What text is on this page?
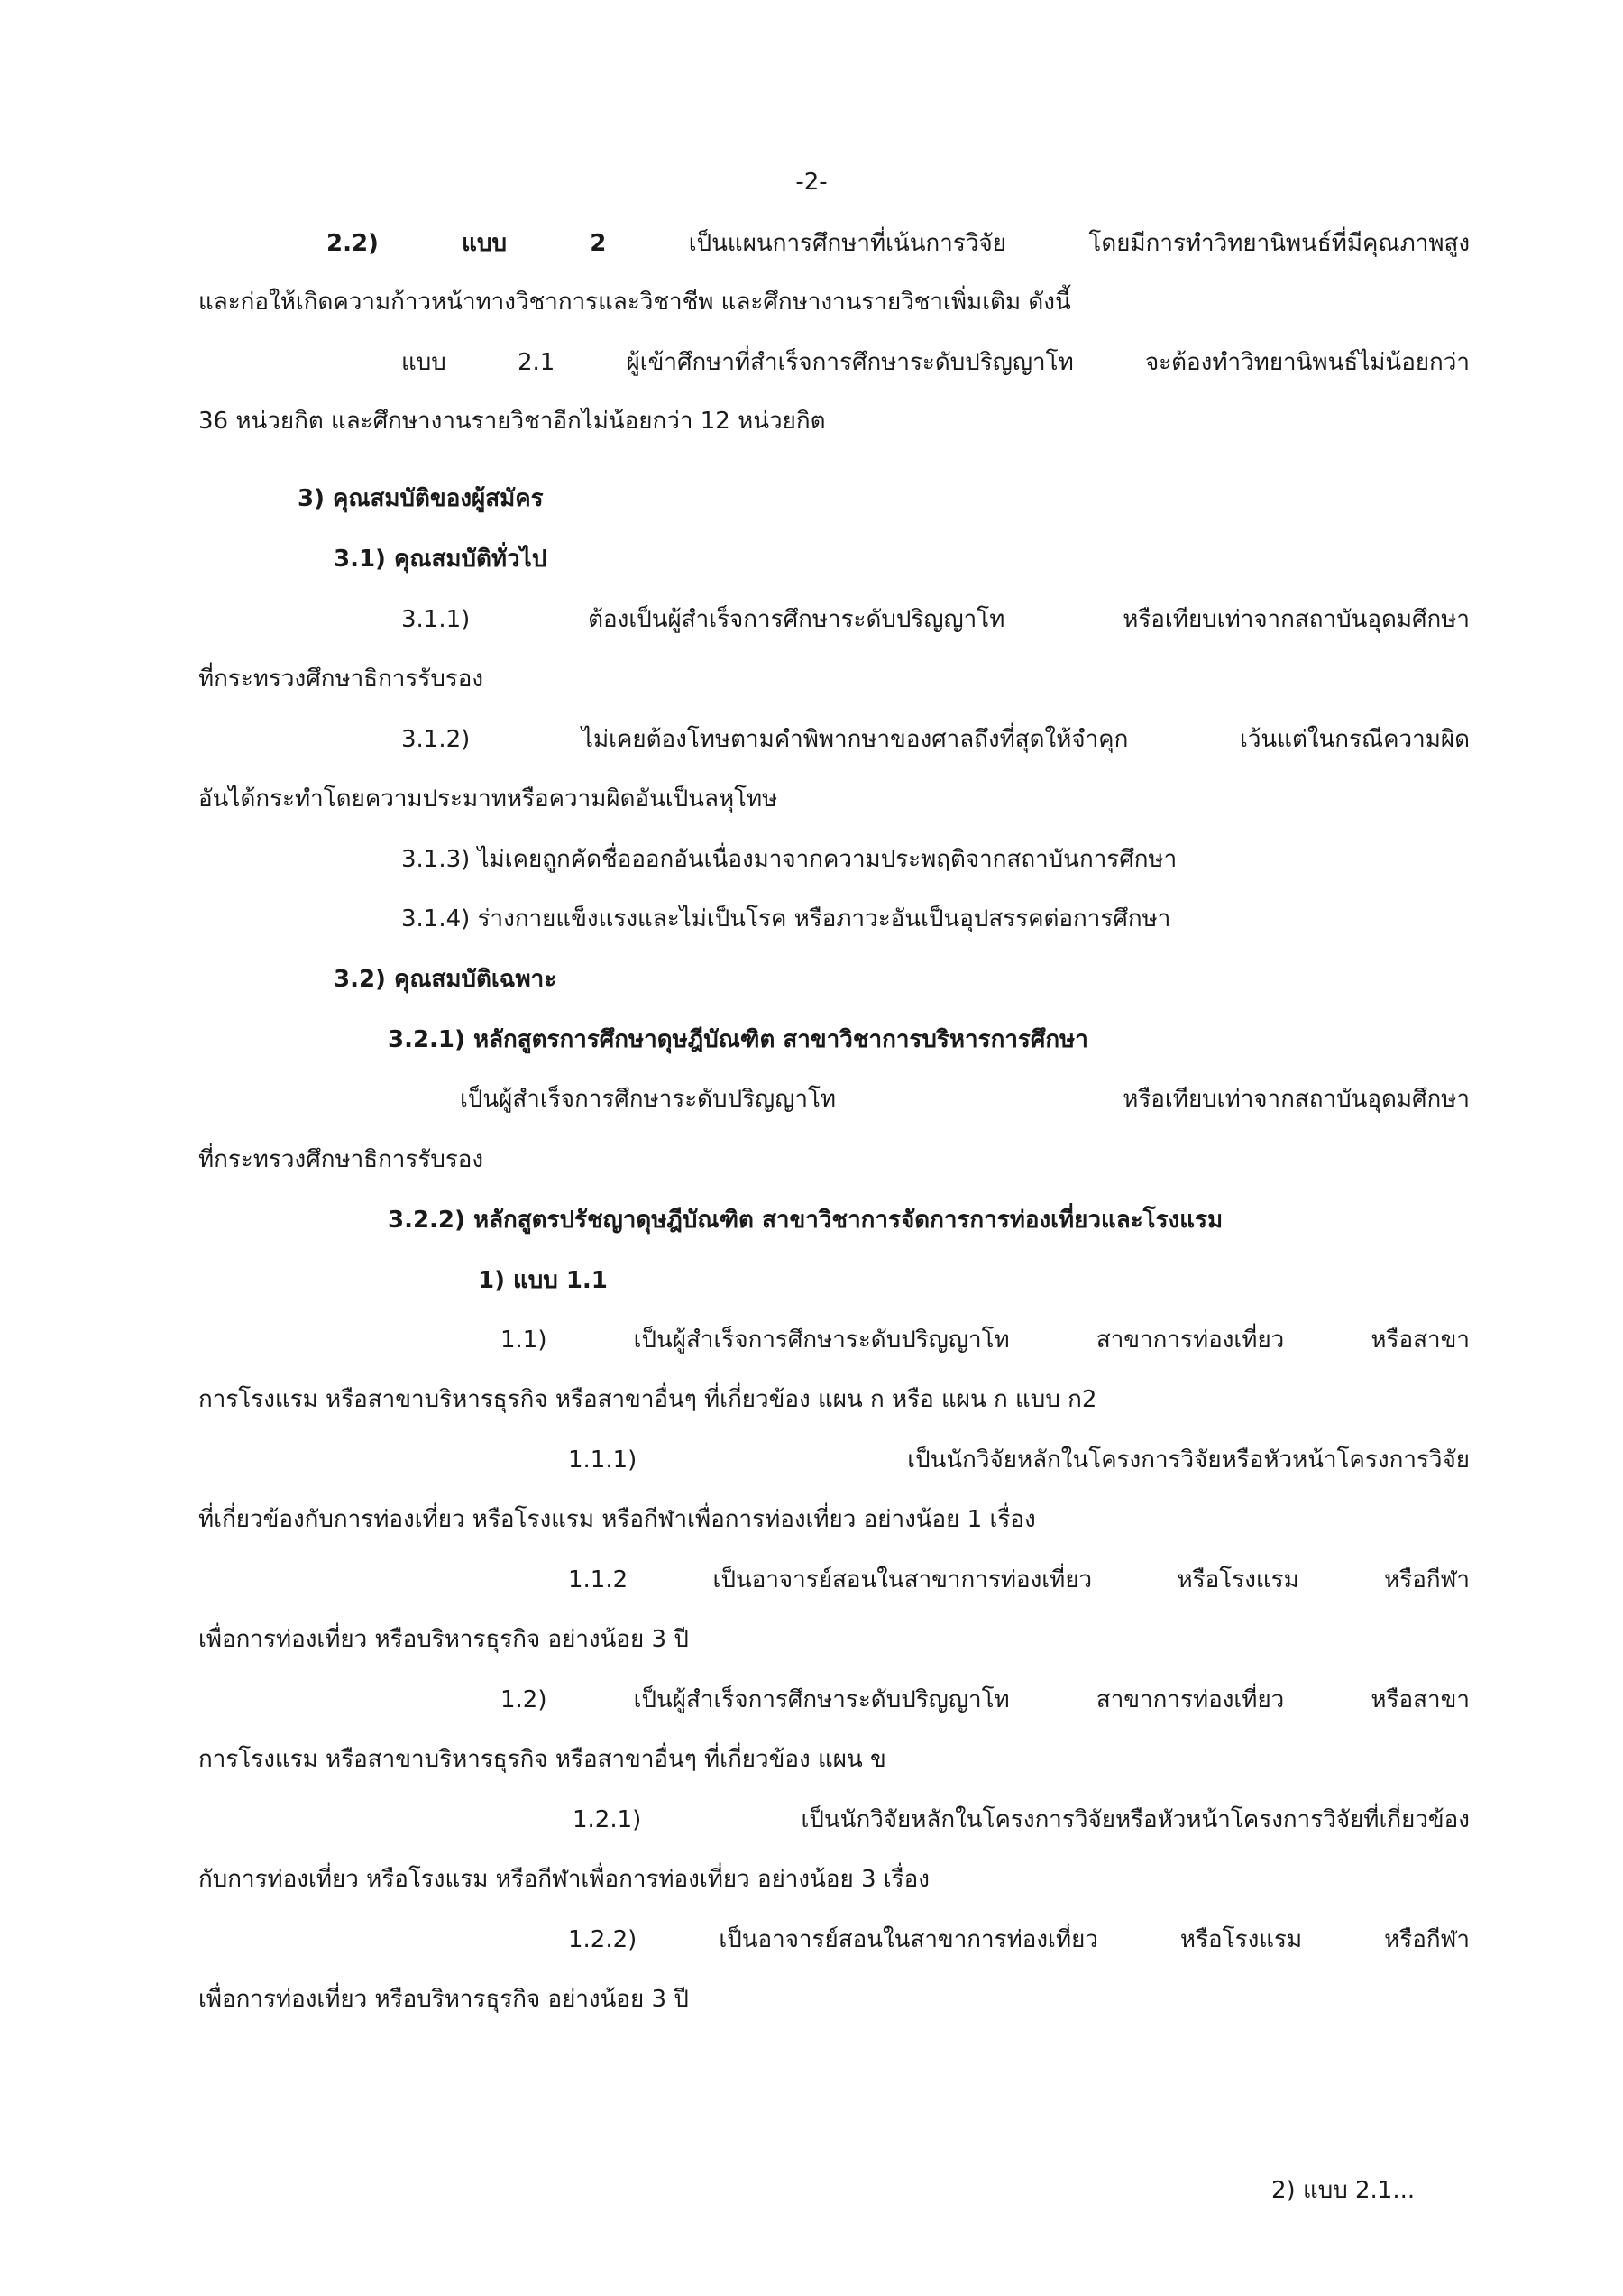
-2-
2.2) แบบ 2	เป็นแผนการศึกษาที่เน้นการวิจัย โดยมีการทำวิทยานิพนธ์ที่มีคุณภาพสูง
และก่อให้เกิดความก้าวหน้าทางวิชาการและวิชาชีพ และศึกษางานรายวิชาเพิ่มเติม ดังนี้
แบบ 2.1 ผู้เข้าศึกษาที่สำเร็จการศึกษาระดับปริญญาโท จะต้องทำวิทยานิพนธ์ไม่น้อยกว่า
36 หน่วยกิต และศึกษางานรายวิชาอีกไม่น้อยกว่า 12 หน่วยกิต
3) คุณสมบัติของผู้สมัคร
3.1) คุณสมบัติทั่วไป
3.1.1) ต้องเป็นผู้สำเร็จการศึกษาระดับปริญญาโท หรือเทียบเท่าจากสถาบันอุดมศึกษา
ที่กระทรวงศึกษาธิการรับรอง
3.1.2) ไม่เคยต้องโทษตามคำพิพากษาของศาลถึงที่สุดให้จำคุก เว้นแต่ในกรณีความผิด
อันได้กระทำโดยความประมาทหรือความผิดอันเป็นลหุโทษ
3.1.3) ไม่เคยถูกคัดชื่อออกอันเนื่องมาจากความประพฤติจากสถาบันการศึกษา
3.1.4) ร่างกายแข็งแรงและไม่เป็นโรค หรือภาวะอันเป็นอุปสรรคต่อการศึกษา
3.2) คุณสมบัติเฉพาะ
3.2.1) หลักสูตรการศึกษาดุษฎีบัณฑิต สาขาวิชาการบริหารการศึกษา
เป็นผู้สำเร็จการศึกษาระดับปริญญาโท หรือเทียบเท่าจากสถาบันอุดมศึกษา
ที่กระทรวงศึกษาธิการรับรอง
3.2.2) หลักสูตรปรัชญาดุษฎีบัณฑิต สาขาวิชาการจัดการการท่องเที่ยวและโรงแรม
1) แบบ 1.1
1.1) เป็นผู้สำเร็จการศึกษาระดับปริญญาโท สาขาการท่องเที่ยว หรือสาขา
การโรงแรม หรือสาขาบริหารธุรกิจ หรือสาขาอื่นๆ ที่เกี่ยวข้อง แผน ก หรือ แผน ก แบบ ก2
1.1.1) เป็นนักวิจัยหลักในโครงการวิจัยหรือหัวหน้าโครงการวิจัย
ที่เกี่ยวข้องกับการท่องเที่ยว หรือโรงแรม หรือกีฬาเพื่อการท่องเที่ยว อย่างน้อย 1 เรื่อง
1.1.2 เป็นอาจารย์สอนในสาขาการท่องเที่ยว หรือโรงแรม หรือกีฬา
เพื่อการท่องเที่ยว หรือบริหารธุรกิจ อย่างน้อย 3 ปี
1.2) เป็นผู้สำเร็จการศึกษาระดับปริญญาโท สาขาการท่องเที่ยว หรือสาขา
การโรงแรม หรือสาขาบริหารธุรกิจ หรือสาขาอื่นๆ ที่เกี่ยวข้อง แผน ข
1.2.1) เป็นนักวิจัยหลักในโครงการวิจัยหรือหัวหน้าโครงการวิจัยที่เกี่ยวข้อง
กับการท่องเที่ยว หรือโรงแรม หรือกีฬาเพื่อการท่องเที่ยว อย่างน้อย 3 เรื่อง
1.2.2) เป็นอาจารย์สอนในสาขาการท่องเที่ยว หรือโรงแรม หรือกีฬา
เพื่อการท่องเที่ยว หรือบริหารธุรกิจ อย่างน้อย 3 ปี
2) แบบ 2.1...
